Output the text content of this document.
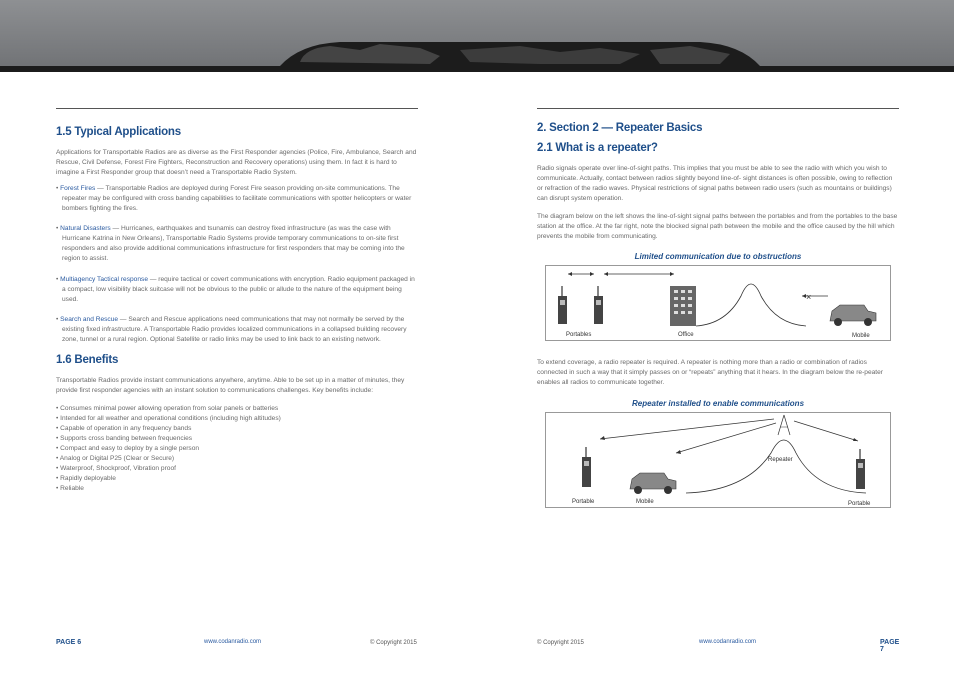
1.5 Typical Applications

Applications for Transportable Radios are as diverse as the First Responder agencies (Police, Fire, Ambulance, Search and Rescue, Civil Defense, Forest Fire Fighters, Reconstruction and Recovery operations) using them. In fact it is hard to imagine a First Responder group that doesn’t need a Transportable Radio System.

• Forest Fires — Transportable Radios are deployed during Forest Fire season providing on-site communications. The repeater may be configured with cross banding capabilities to facilitate communications with spotter helicopters or water bombers fighting the fires.

• Natural Disasters — Hurricanes, earthquakes and tsunamis can destroy fixed infrastructure (as was the case with Hurricane Katrina in New Orleans), Transportable Radio Systems provide temporary communications to on-site first responders and also provide additional communications infrastructure for first responders that may be coming into the region to assist.

• Multiagency Tactical response — require tactical or covert communications with encryption. Radio equipment packaged in a compact, low visibility black suitcase will not be obvious to the public or allude to the nature of the equipment being used.

• Search and Rescue — Search and Rescue applications need communications that may not normally be served by the existing fixed infrastructure. A Transportable Radio provides localized communications in a collapsed building recovery zone, tunnel or a rural region. Optional Satellite or radio links may be used to link back to an existing network.

1.6 Benefits

Transportable Radios provide instant communications anywhere, anytime. Able to be set up in a matter of minutes, they provide first responder agencies with an instant solution to communications challenges. Key benefits include:

• Consumes minimal power allowing operation from solar panels or batteries
• Intended for all weather and operational conditions (including high altitudes)
• Capable of operation in any frequency bands
• Supports cross banding between frequencies
• Compact and easy to deploy by a single person
• Analog or Digital P25 (Clear or Secure)
• Waterproof, Shockproof, Vibration proof
• Rapidly deployable
• Reliable
PAGE 6	www.codanradio.com	© Copyright 2015
2. Section 2 — Repeater Basics
2.1 What is a repeater?

Radio signals operate over line-of-sight paths. This implies that you must be able to see the radio with which you wish to communicate. Actually, contact between radios slightly beyond line-of- sight distances is often possible, owing to reflection or refraction of the radio waves. Physical restrictions of signal paths between radio users (such as mountains or buildings) can disrupt system operation.

The diagram below on the left shows the line-of-sight signal paths between the portables and from the portables to the base station at the office. At the far right, note the blocked signal path between the mobile and the office caused by the hill which prevents the mobile from communicating.

Limited communication due to obstructions
×
Portables	Office	Mobile

To extend coverage, a radio repeater is required. A repeater is nothing more than a radio or combination of radios connected in such a way that it simply passes on or “repeats” anything that it hears. In the diagram below the re-peater enables all radios to communicate together.

Repeater installed to enable communications
Repeater
Portable	Mobile	Portable
© Copyright 2015	www.codanradio.com	PAGE 7
